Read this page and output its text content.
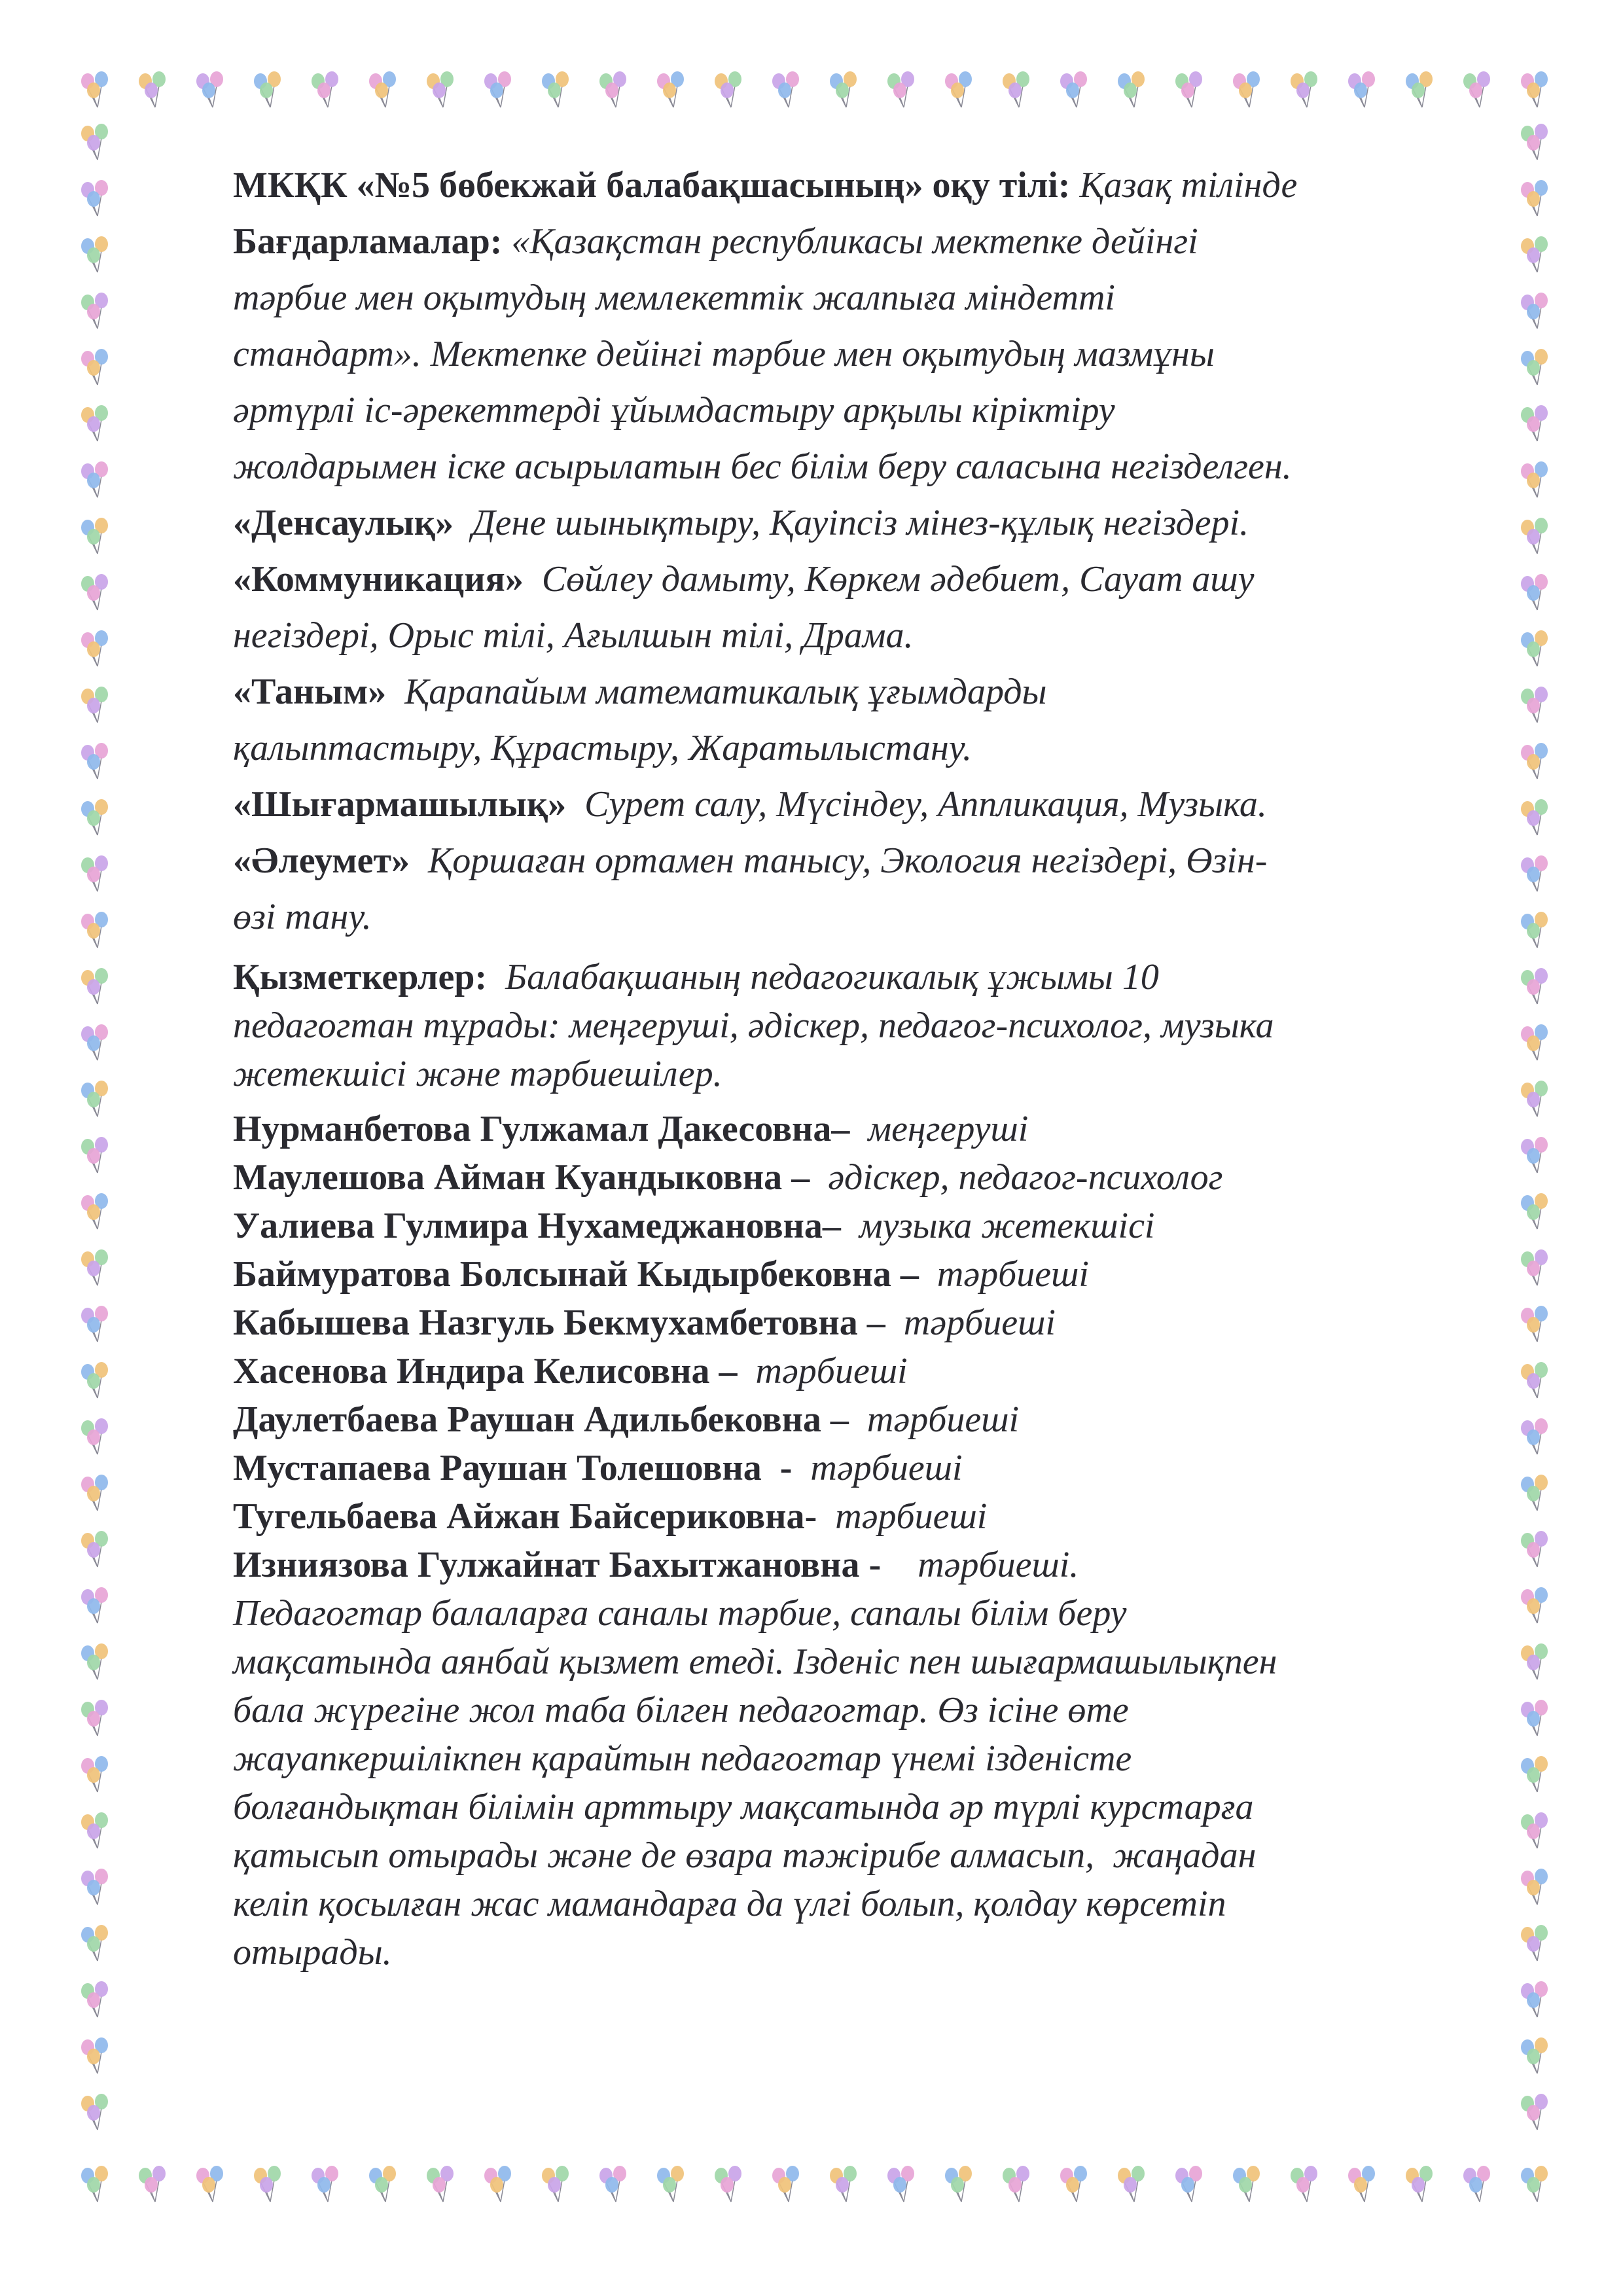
МКҚК «№5 бөбекжай балабақшасының» оқу тілі: Қазақ тілінде

Бағдарламалар: «Қазақстан республикасы мектепке дейінгі
тәрбие мен оқытудың мемлекеттік жалпыға міндетті
стандарт». Мектепке дейінгі тәрбие мен оқытудың мазмұны
әртүрлі іс-әрекеттерді ұйымдастыру арқылы кіріктіру
жолдарымен іске асырылатын бес білім беру саласына негізделген.

«Денсаулық» Дене шынықтыру, Қауіпсіз мінез-құлық негіздері.

«Коммуникация» Сөйлеу дамыту, Көркем әдебиет, Сауат ашу
негіздері, Орыс тілі, Ағылшын тілі, Драма.

«Таным» Қарапайым математикалық ұғымдарды
қалыптастыру, Құрастыру, Жаратылыстану.

«Шығармашылық» Сурет салу, Мүсіндеу, Аппликация, Музыка.

«Әлеумет» Қоршаған ортамен танысу, Экология негіздері, Өзін-
өзі тану.

Қызметкерлер: Балабақшаның педагогикалық ұжымы 10
педагогтан тұрады: меңгеруші, әдіскер, педагог-психолог, музыка
жетекшісі және тәрбиешілер.

Нурманбетова Гулжамал Дакесовна– меңгеруші
Маулешова Айман Куандыковна – әдіскер, педагог-психолог
Уалиева Гулмира Нухамеджановна– музыка жетекшісі
Баймуратова Болсынай Кыдырбековна – тәрбиеші
Кабышева Назгуль Бекмухамбетовна – тәрбиеші
Хасенова Индира Келисовна – тәрбиеші
Даулетбаева Раушан Адильбековна – тәрбиеші
Мустапаева Раушан Толешовна  - тәрбиеші
Тугельбаева Айжан Байсериковна- тәрбиеші
Изниязова Гулжайнат Бахытжановна - тәрбиеші.

Педагогтар балаларға саналы тәрбие, сапалы білім беру
мақсатында аянбай қызмет етеді. Ізденіс пен шығармашылықпен
бала жүрегіне жол таба білген педагогтар. Өз ісіне өте
жауапкершілікпен қарайтын педагогтар үнемі ізденісте
болғандықтан білімін арттыру мақсатында әр түрлі курстарға
қатысып отырады және де өзара тәжірибе алмасып,  жаңадан
келіп қосылған жас мамандарға да үлгі болып, қолдау көрсетіп
отырады.
